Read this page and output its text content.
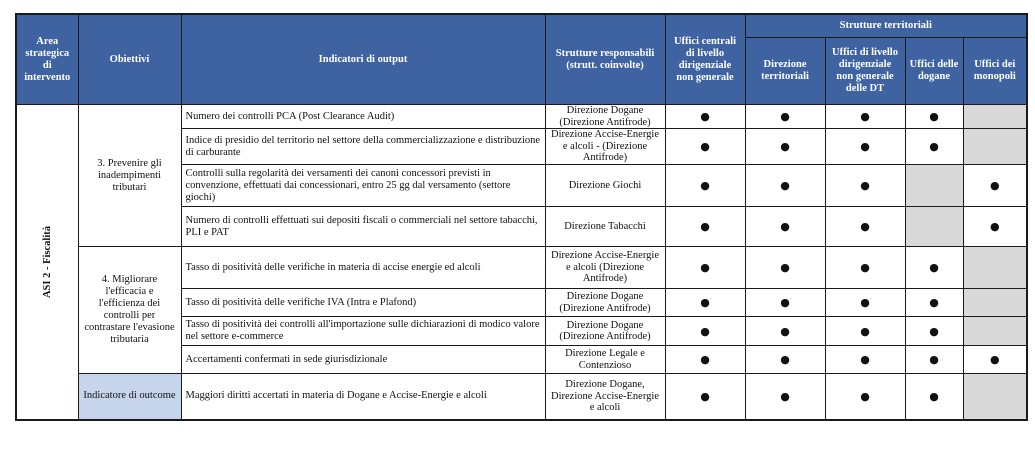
Area strategica di intervento	Obiettivi	Indicatori di output	Strutture responsabili (strutt. coinvolte)	Uffici centrali di livello dirigenziale non generale	Strutture territoriali			
					Direzione territoriali	Uffici di livello dirigenziale non generale delle DT	Uffici delle dogane	Uffici dei monopoli

ASI 2 - Fiscalità	3. Prevenire gli inadempimenti tributari	Numero dei controlli PCA (Post Clearance Audit)	Direzione Dogane (Direzione Antifrode)	●	●	●	●	
		Indice di presidio del territorio nel settore della commercializzazione e distribuzione di carburante	Direzione Accise-Energie e alcoli - (Direzione Antifrode)	●	●	●	●	
		Controlli sulla regolarità dei versamenti dei canoni concessori previsti in convenzione, effettuati dai concessionari, entro 25 gg dal versamento (settore giochi)	Direzione Giochi	●	●	●		●
		Numero di controlli effettuati sui depositi fiscali o commerciali nel settore tabacchi, PLI e PAT	Direzione Tabacchi	●	●	●		●
	4. Migliorare l'efficacia e l'efficienza dei controlli per contrastare l'evasione tributaria	Tasso di positività delle verifiche in materia di accise energie ed alcoli	Direzione Accise-Energie e alcoli (Direzione Antifrode)	●	●	●	●	
		Tasso di positività delle verifiche IVA (Intra e Plafond)	Direzione Dogane (Direzione Antifrode)	●	●	●	●	
		Tasso di positività dei controlli all'importazione sulle dichiarazioni di modico valore nel settore e-commerce	Direzione Dogane (Direzione Antifrode)	●	●	●	●	
		Accertamenti confermati in sede giurisdizionale	Direzione Legale e Contenzioso	●	●	●	●	●
	Indicatore di outcome	Maggiori diritti accertati in materia di Dogane e Accise-Energie e alcoli	Direzione Dogane, Direzione Accise-Energie e alcoli	●	●	●	●	
